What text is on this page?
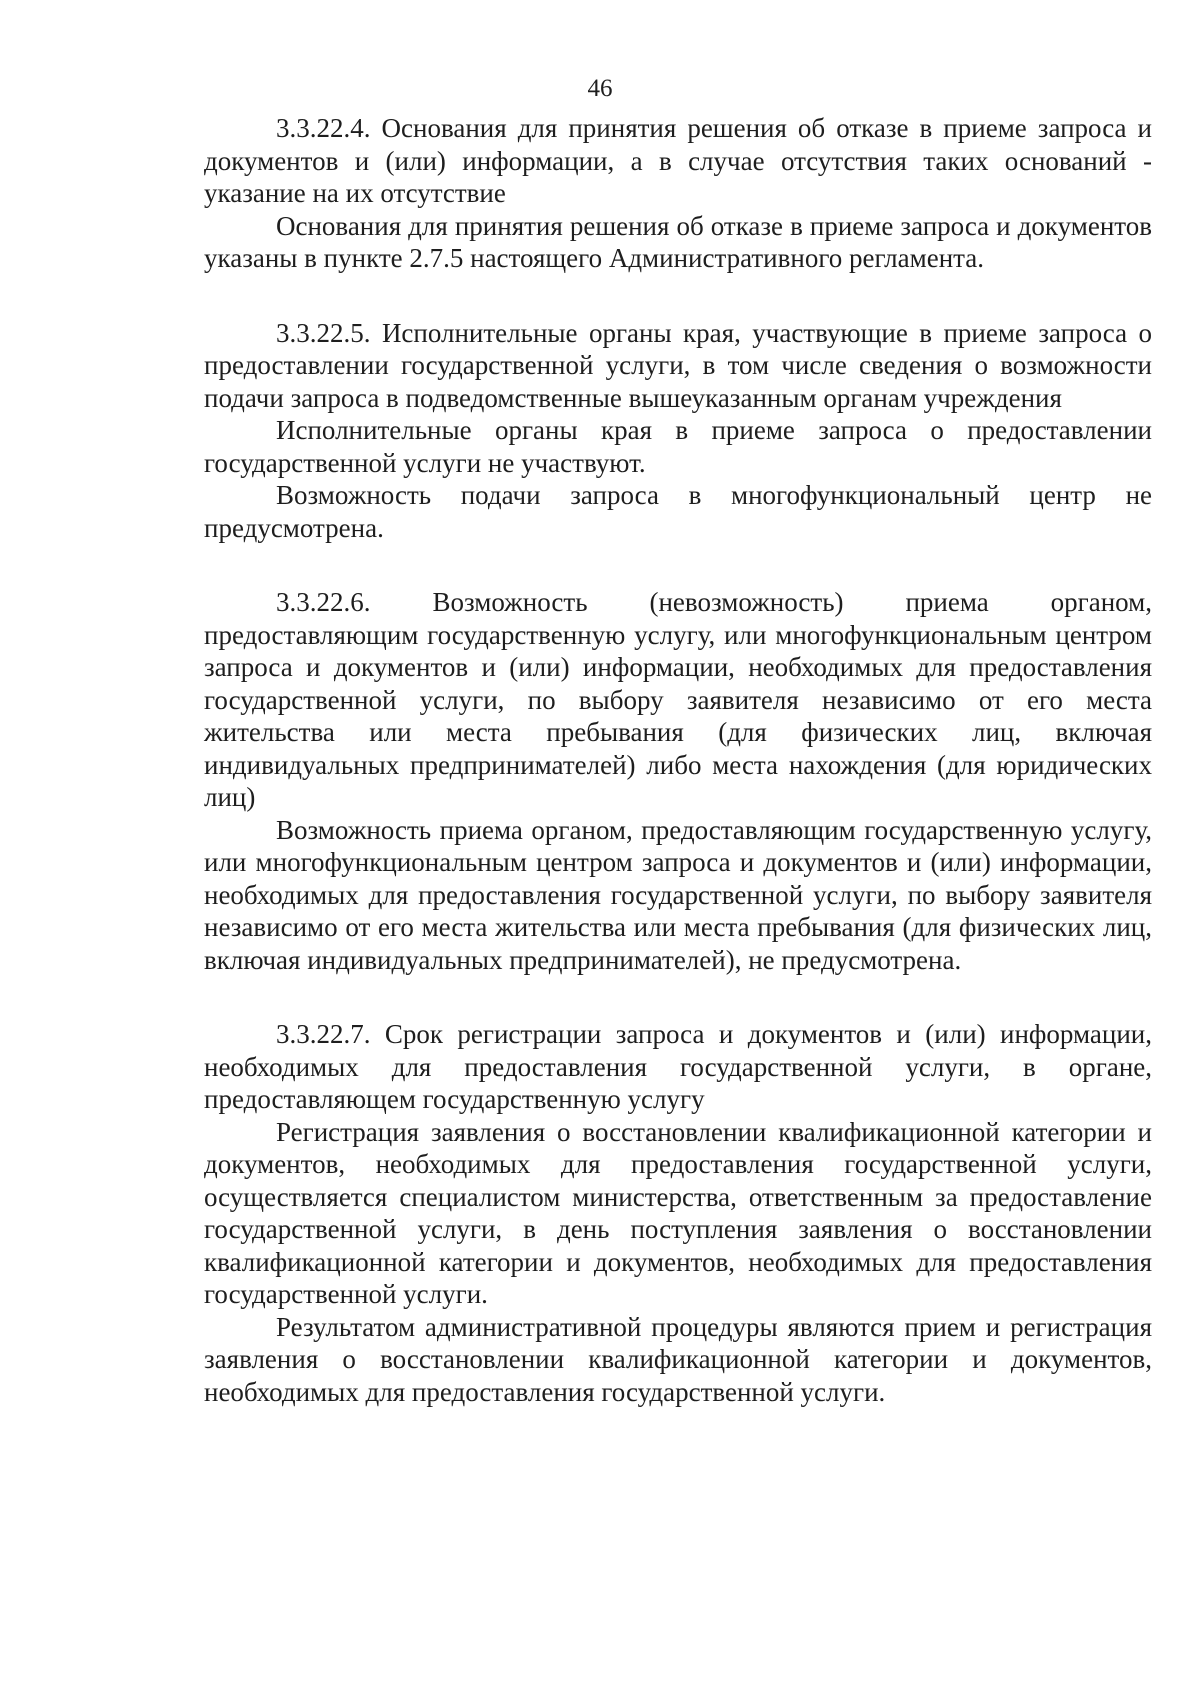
46

3.3.22.4. Основания для принятия решения об отказе в приеме запроса и документов и (или) информации, а в случае отсутствия таких оснований - указание на их отсутствие

Основания для принятия решения об отказе в приеме запроса и документов указаны в пункте 2.7.5 настоящего Административного регламента.

3.3.22.5. Исполнительные органы края, участвующие в приеме запроса о предоставлении государственной услуги, в том числе сведения о возможности подачи запроса в подведомственные вышеуказанным органам учреждения

Исполнительные органы края в приеме запроса о предоставлении государственной услуги не участвуют.

Возможность подачи запроса в многофункциональный центр не предусмотрена.

3.3.22.6. Возможность (невозможность) приема органом, предоставляющим государственную услугу, или многофункциональным центром запроса и документов и (или) информации, необходимых для предоставления государственной услуги, по выбору заявителя независимо от его места жительства или места пребывания (для физических лиц, включая индивидуальных предпринимателей) либо места нахождения (для юридических лиц)

Возможность приема органом, предоставляющим государственную услугу, или многофункциональным центром запроса и документов и (или) информации, необходимых для предоставления государственной услуги, по выбору заявителя независимо от его места жительства или места пребывания (для физических лиц, включая индивидуальных предпринимателей), не предусмотрена.

3.3.22.7. Срок регистрации запроса и документов и (или) информации, необходимых для предоставления государственной услуги, в органе, предоставляющем государственную услугу

Регистрация заявления о восстановлении квалификационной категории и документов, необходимых для предоставления государственной услуги, осуществляется специалистом министерства, ответственным за предоставление государственной услуги, в день поступления заявления о восстановлении квалификационной категории и документов, необходимых для предоставления государственной услуги.

Результатом административной процедуры являются прием и регистрация заявления о восстановлении квалификационной категории и документов, необходимых для предоставления государственной услуги.
